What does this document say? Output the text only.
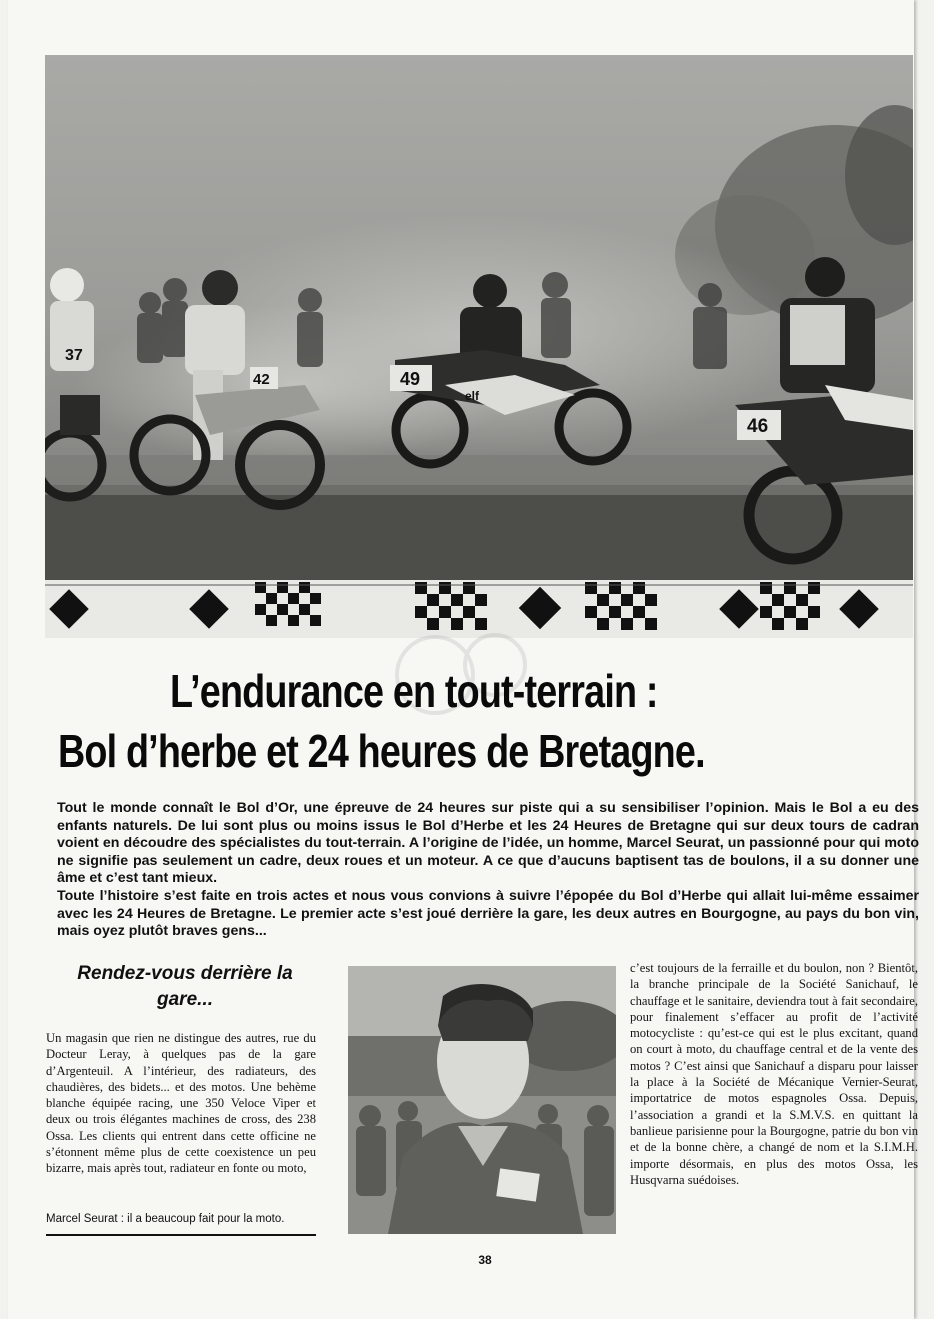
37
42	49
elf
46
L’endurance en tout-terrain :
Bol d’herbe et 24 heures de Bretagne.

Tout le monde connaît le Bol d’Or, une épreuve de 24 heures sur piste qui a su sensibiliser l’opinion. Mais le Bol a eu des enfants naturels. De lui sont plus ou moins issus le Bol d’Herbe et les 24 Heures de Bretagne qui sur deux tours de cadran voient en découdre des spécialistes du tout-terrain. A l’origine de l’idée, un homme, Marcel Seurat, un passionné pour qui moto ne signifie pas seulement un cadre, deux roues et un moteur. A ce que d’aucuns baptisent tas de boulons, il a su donner une âme et c’est tant mieux.

Toute l’histoire s’est faite en trois actes et nous vous convions à suivre l’épopée du Bol d’Herbe qui allait lui-même essaimer avec les 24 Heures de Bretagne. Le premier acte s’est joué derrière la gare, les deux autres en Bourgogne, au pays du bon vin, mais oyez plutôt braves gens...

Rendez-vous derrière la gare...
Un magasin que rien ne distingue des autres, rue du Docteur Leray, à quelques pas de la gare d’Argenteuil. A l’intérieur, des radiateurs, des chaudières, des bidets... et des motos. Une behème blanche équipée racing, une 350 Veloce Viper et deux ou trois élégantes machines de cross, des 238 Ossa. Les clients qui entrent dans cette officine ne s’étonnent même plus de cette coexistence un peu bizarre, mais après tout, radiateur en fonte ou moto,
Marcel Seurat : il a beaucoup fait pour la moto.
c’est toujours de la ferraille et du boulon, non ? Bientôt, la branche principale de la Société Sanichauf, le chauffage et le sanitaire, deviendra tout à fait secondaire, pour finalement s’effacer au profit de l’activité motocycliste : qu’est-ce qui est le plus excitant, quand on court à moto, du chauffage central et de la vente des motos ? C’est ainsi que Sanichauf a disparu pour laisser la place à la Société de Mécanique Vernier-Seurat, importatrice de motos espagnoles Ossa. Depuis, l’association a grandi et la S.M.V.S. en quittant la banlieue parisienne pour la Bourgogne, patrie du bon vin et de la bonne chère, a changé de nom et la S.I.M.H. importe désormais, en plus des motos Ossa, les Husqvarna suédoises.
38
